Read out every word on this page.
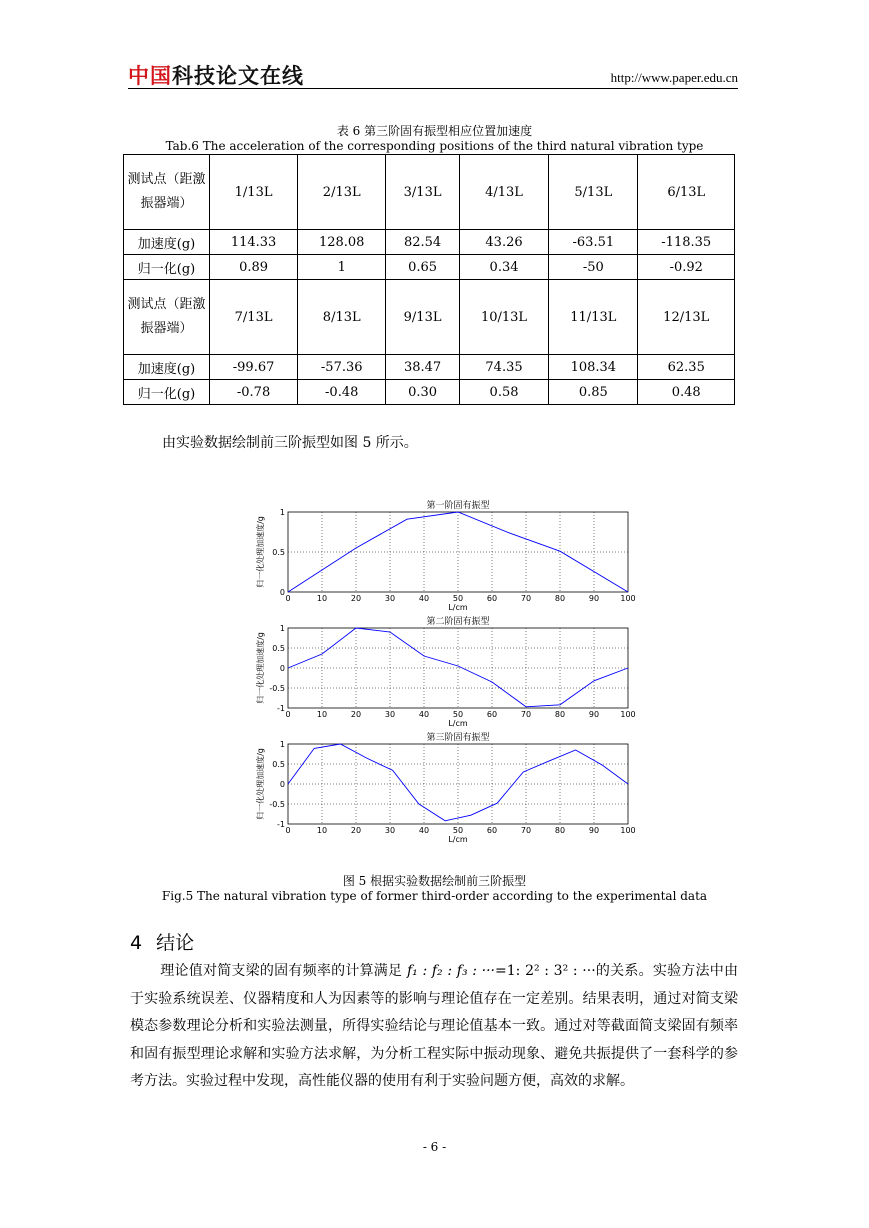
中国科技论文在线	http://www.paper.edu.cn
表 6 第三阶固有振型相应位置加速度
Tab.6 The acceleration of the corresponding positions of the third natural vibration type
测试点（距激振器端）	1/13L	2/13L	3/13L	4/13L	5/13L	6/13L
加速度(g)	114.33	128.08	82.54	43.26	-63.51	-118.35
归一化(g)	0.89	1	0.65	0.34	-50	-0.92
测试点（距激振器端）	7/13L	8/13L	9/13L	10/13L	11/13L	12/13L
加速度(g)	-99.67	-57.36	38.47	74.35	108.34	62.35
归一化(g)	-0.78	-0.48	0.30	0.58	0.85	0.48
由实验数据绘制前三阶振型如图 5 所示。
第一阶固有振型
0	10	20	30	40	50	60	70	80	90	100
0
0.5
1
L/cm
归一化处理加速度/g
第二阶固有振型
0	10	20	30	40	50	60	70	80	90	100
-1
-0.5
0
0.5
1
L/cm
归一化处理加速度/g
第三阶固有振型
0	10	20	30	40	50	60	70	80	90	100
-1
-0.5
0
0.5
1
L/cm
归一化处理加速度/g
图 5 根据实验数据绘制前三阶振型
Fig.5 The natural vibration type of former third-order according to the experimental data
4 结论
理论值对简支梁的固有频率的计算满足 f₁ : f₂ : f₃ : ···=1: 2² : 3² : ···的关系。实验方法中由于实验系统误差、仪器精度和人为因素等的影响与理论值存在一定差别。结果表明，通过对简支梁模态参数理论分析和实验法测量，所得实验结论与理论值基本一致。通过对等截面简支梁固有频率和固有振型理论求解和实验方法求解，为分析工程实际中振动现象、避免共振提供了一套科学的参考方法。实验过程中发现，高性能仪器的使用有利于实验问题方便，高效的求解。
- 6 -
